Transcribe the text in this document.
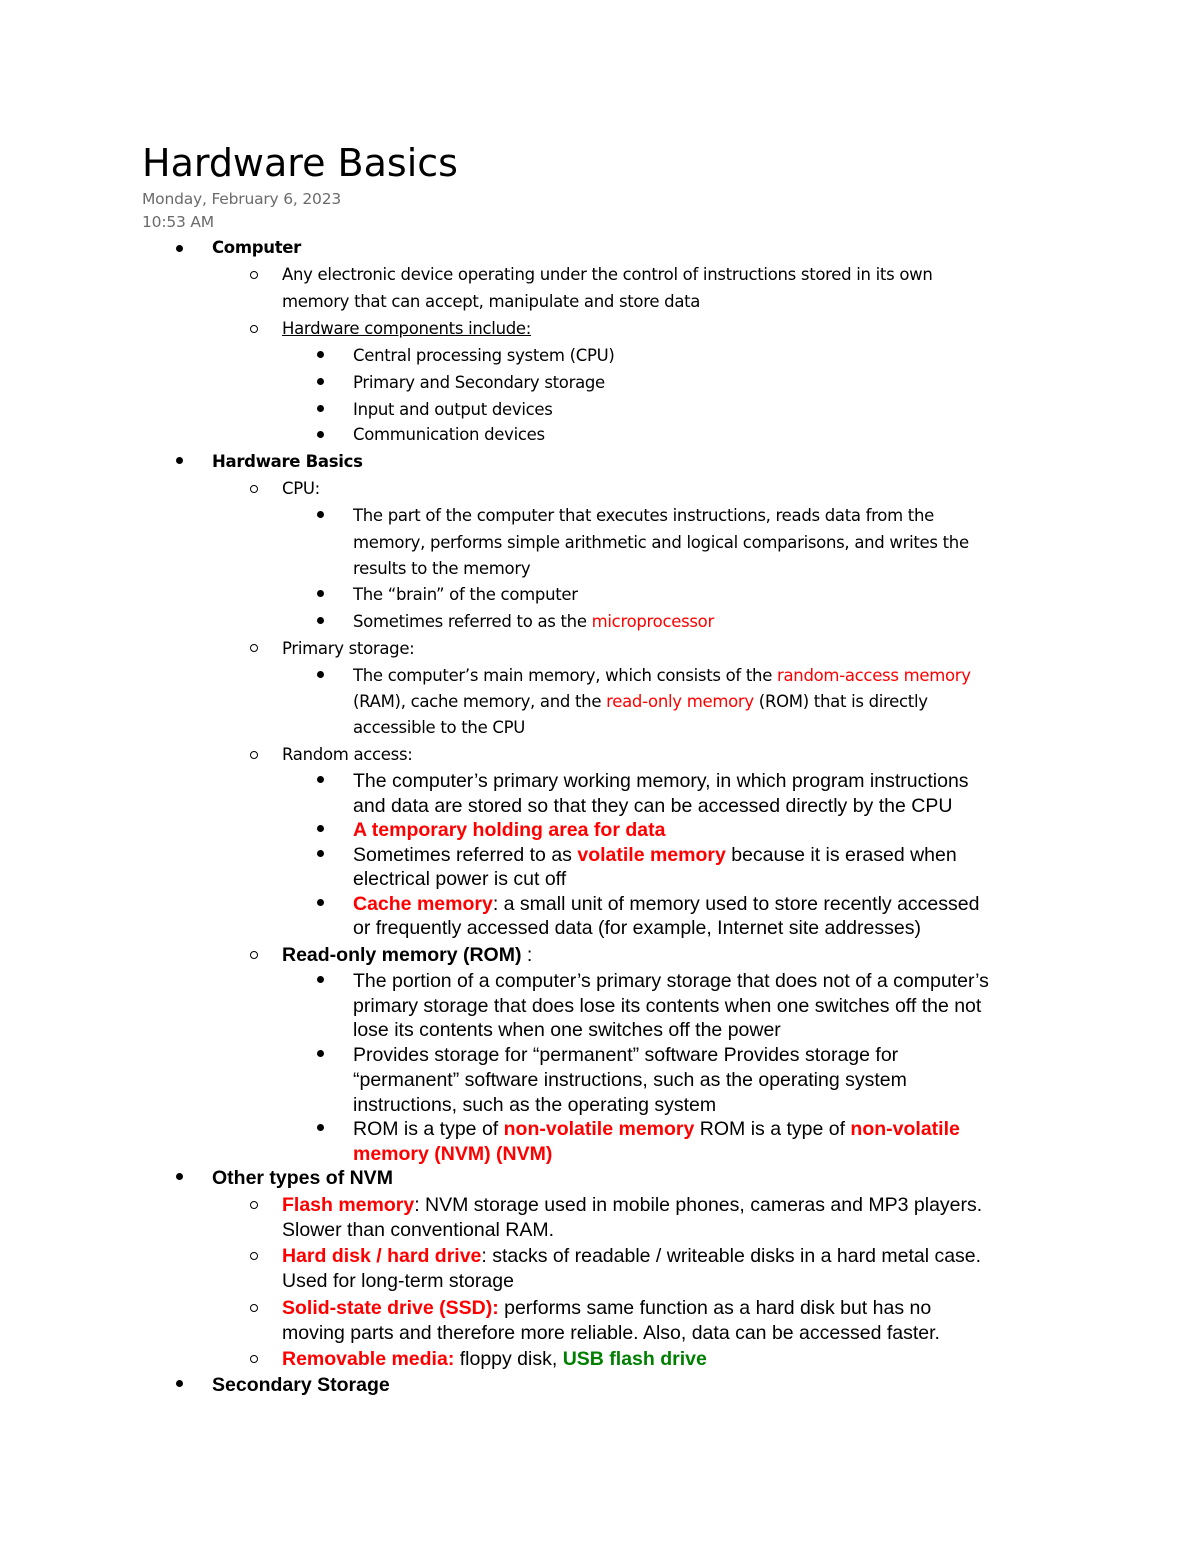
Hardware Basics
Monday, February 6, 2023
10:53 AM
Computer
Any electronic device operating under the control of instructions stored in its own
memory that can accept, manipulate and store data
Hardware components include:
Central processing system (CPU)
Primary and Secondary storage
Input and output devices
Communication devices
Hardware Basics
CPU:
The part of the computer that executes instructions, reads data from the
memory, performs simple arithmetic and logical comparisons, and writes the
results to the memory
The “brain” of the computer
Sometimes referred to as the microprocessor
Primary storage:
The computer’s main memory, which consists of the random-access memory
(RAM), cache memory, and the read-only memory (ROM) that is directly
accessible to the CPU
Random access:
The computer’s primary working memory, in which program instructions
and data are stored so that they can be accessed directly by the CPU
A temporary holding area for data
Sometimes referred to as volatile memory because it is erased when
electrical power is cut off
Cache memory: a small unit of memory used to store recently accessed
or frequently accessed data (for example, Internet site addresses)
Read-only memory (ROM) :
The portion of a computer’s primary storage that does not of a computer’s
primary storage that does lose its contents when one switches off the not
lose its contents when one switches off the power
Provides storage for “permanent” software Provides storage for
“permanent” software instructions, such as the operating system
instructions, such as the operating system
ROM is a type of non-volatile memory ROM is a type of non-volatile
memory (NVM) (NVM)
Other types of NVM
Flash memory: NVM storage used in mobile phones, cameras and MP3 players.
Slower than conventional RAM.
Hard disk / hard drive: stacks of readable / writeable disks in a hard metal case.
Used for long-term storage
Solid-state drive (SSD): performs same function as a hard disk but has no
moving parts and therefore more reliable. Also, data can be accessed faster.
Removable media: floppy disk, USB flash drive
Secondary Storage
